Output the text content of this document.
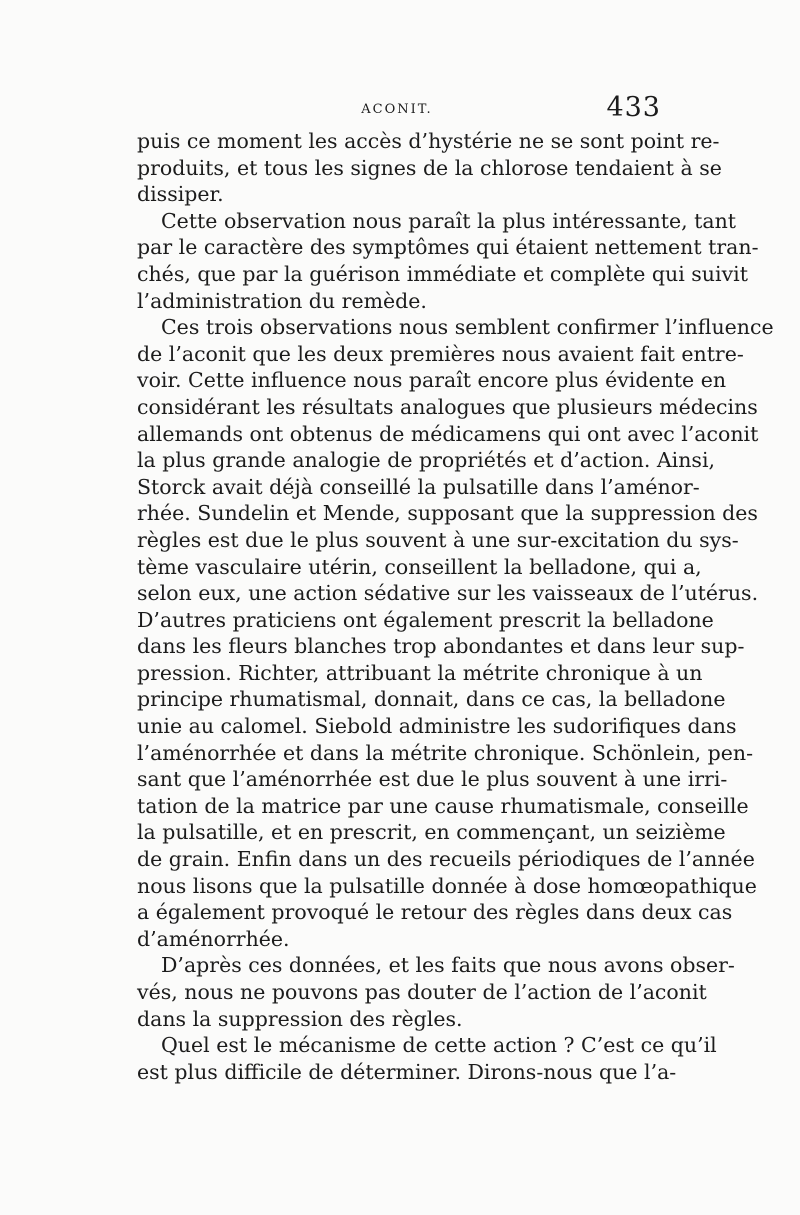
ACONIT.	433
puis ce moment les accès d’hystérie ne se sont point re-
produits, et tous les signes de la chlorose tendaient à se
dissiper.
Cette observation nous paraît la plus intéressante, tant
par le caractère des symptômes qui étaient nettement tran-
chés, que par la guérison immédiate et complète qui suivit
l’administration du remède.
Ces trois observations nous semblent confirmer l’influence
de l’aconit que les deux premières nous avaient fait entre-
voir. Cette influence nous paraît encore plus évidente en
considérant les résultats analogues que plusieurs médecins
allemands ont obtenus de médicamens qui ont avec l’aconit
la plus grande analogie de propriétés et d’action. Ainsi,
Storck avait déjà conseillé la pulsatille dans l’aménor-
rhée. Sundelin et Mende, supposant que la suppression des
règles est due le plus souvent à une sur-excitation du sys-
tème vasculaire utérin, conseillent la belladone, qui a,
selon eux, une action sédative sur les vaisseaux de l’utérus.
D’autres praticiens ont également prescrit la belladone
dans les fleurs blanches trop abondantes et dans leur sup-
pression. Richter, attribuant la métrite chronique à un
principe rhumatismal, donnait, dans ce cas, la belladone
unie au calomel. Siebold administre les sudorifiques dans
l’aménorrhée et dans la métrite chronique. Schönlein, pen-
sant que l’aménorrhée est due le plus souvent à une irri-
tation de la matrice par une cause rhumatismale, conseille
la pulsatille, et en prescrit, en commençant, un seizième
de grain. Enfin dans un des recueils périodiques de l’année
nous lisons que la pulsatille donnée à dose homœopathique
a également provoqué le retour des règles dans deux cas
d’aménorrhée.
D’après ces données, et les faits que nous avons obser-
vés, nous ne pouvons pas douter de l’action de l’aconit
dans la suppression des règles.
Quel est le mécanisme de cette action ? C’est ce qu’il
est plus difficile de déterminer. Dirons-nous que l’a-
